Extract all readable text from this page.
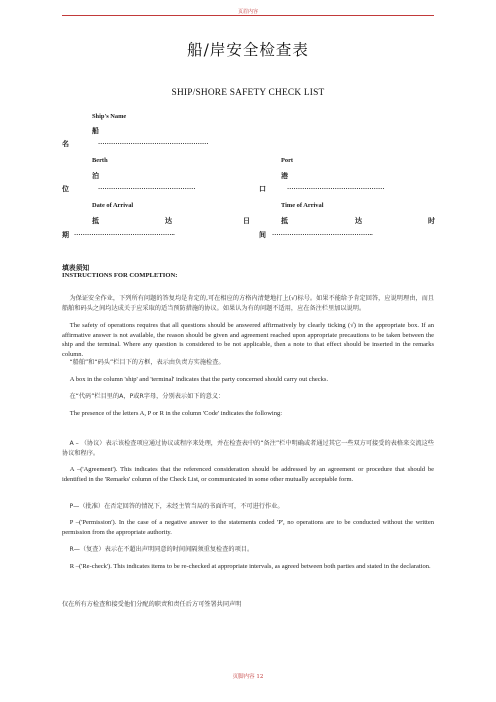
页眉内容
船/岸安全检查表
SHIP/SHORE SAFETY CHECK LIST
Ship's Name
船
名	……………………………………………
Berth	Port
泊	港
位	………………………………………	口	………………………………………
Date of Arrival	Time of Arrival
抵	达	日
期 ………………………………………..
抵	达	时
间 ………………………………………..
填表须知
INSTRUCTIONS FOR COMPLETION:
为保证安全作业，下列所有问题的答复均是肯定的,可在相应的方格内清楚地打上(√)标号。如果不能给予肯定回答，应说明理由，而且船舶和码头之间均达成关于应采取的适当预防措施的协议。如果认为有的问题不适用，应在备注栏里加以说明。
The safety of operations requires that all questions should be answered affirmatively by clearly ticking (√) in the appropriate box. If an affirmative answer is not available, the reason should be given and agreement reached upon appropriate precautions to be taken between the ship and the terminal. Where any question is considered to be not applicable, then a note to that effect should be inserted in the remarks column.
“船舶”和“码头”栏目下的方框，表示由负责方实施检查。
A box in the column 'ship' and 'terminal' indicates that the party concerned should carry out checks.
在“代码”栏目里的A，P或R字母，分别表示如下的意义：
The presence of the letters A, P or R in the column 'Code' indicates the following:
A – （协议）表示该检查项应通过协议或程序来处理，并在检查表中的“备注”栏中明确或者通过其它一些双方可接受的表格来交流这些协议和程序。
A –('Agreement'). This indicates that the referenced consideration should be addressed by an agreement or procedure that should be identified in the 'Remarks' column of the Check List, or communicated in some other mutually acceptable form.
P—（批准）在否定回答的情况下，未经主管当局的书面许可，不可进行作业。
P –('Permission'). In the case of a negative answer to the statements coded 'P', no operations are to be conducted without the written permission from the appropriate authority.
R—（复查）表示在不超出声明同意的时间间隔须重复检查的项目。
R –('Re-check'). This indicates items to be re-checked at appropriate intervals, as agreed between both parties and stated in the declaration.
仅在所有方检查和接受他们分配的职责和责任后方可签署共同声明
页脚内容 12
